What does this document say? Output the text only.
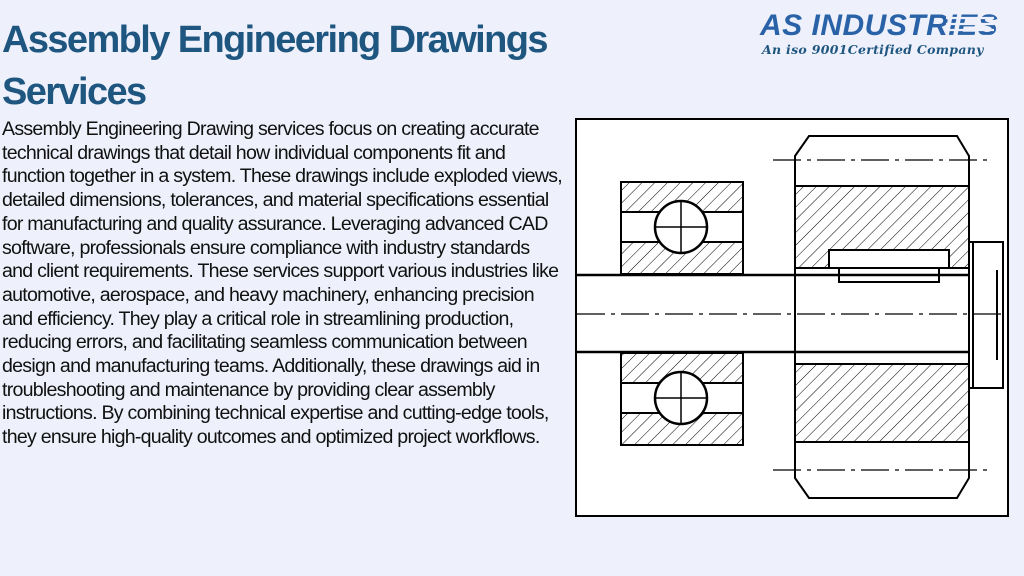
Assembly Engineering Drawings Services
AS INDUSTRIES
An iso 9001Certified Company

Assembly Engineering Drawing services focus on creating accurate technical drawings that detail how individual components fit and function together in a system. These drawings include exploded views, detailed dimensions, tolerances, and material specifications essential for manufacturing and quality assurance. Leveraging advanced CAD software, professionals ensure compliance with industry standards and client requirements. These services support various industries like automotive, aerospace, and heavy machinery, enhancing precision and efficiency. They play a critical role in streamlining production, reducing errors, and facilitating seamless communication between design and manufacturing teams. Additionally, these drawings aid in troubleshooting and maintenance by providing clear assembly instructions. By combining technical expertise and cutting-edge tools, they ensure high-quality outcomes and optimized project workflows.
